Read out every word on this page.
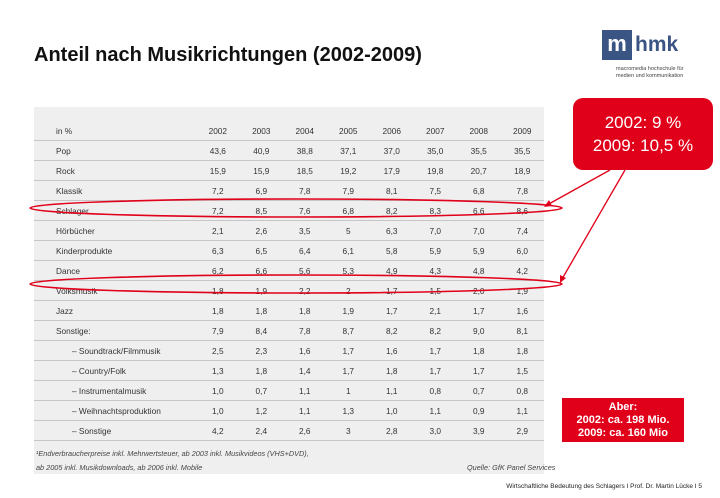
Anteil nach Musikrichtungen (2002-2009)	m hmk
macromedia hochschule für
medien und kommunikation
in %	2002	2003	2004	2005	2006	2007	2008	2009
Pop	43,6	40,9	38,8	37,1	37,0	35,0	35,5	35,5
Rock	15,9	15,9	18,5	19,2	17,9	19,8	20,7	18,9
Klassik	7,2	6,9	7,8	7,9	8,1	7,5	6,8	7,8
Schlager	7,2	8,5	7,6	6,8	8,2	8,3	6,6	8,6
Hörbücher	2,1	2,6	3,5	5	6,3	7,0	7,0	7,4
Kinderprodukte	6,3	6,5	6,4	6,1	5,8	5,9	5,9	6,0
Dance	6,2	6,6	5,6	5,3	4,9	4,3	4,8	4,2
Volksmusik	1,8	1,9	2,2	2	1,7	1,5	2,0	1,9
Jazz	1,8	1,8	1,8	1,9	1,7	2,1	1,7	1,6
Sonstige:	7,9	8,4	7,8	8,7	8,2	8,2	9,0	8,1
– Soundtrack/Filmmusik	2,5	2,3	1,6	1,7	1,6	1,7	1,8	1,8
– Country/Folk	1,3	1,8	1,4	1,7	1,8	1,7	1,7	1,5
– Instrumentalmusik	1,0	0,7	1,1	1	1,1	0,8	0,7	0,8
– Weihnachtsproduktion	1,0	1,2	1,1	1,3	1,0	1,1	0,9	1,1
– Sonstige	4,2	2,4	2,6	3	2,8	3,0	3,9	2,9
¹Endverbraucherpreise inkl. Mehrwertsteuer, ab 2003 inkl. Musikvideos (VHS+DVD),
ab 2005 inkl. Musikdownloads, ab 2006 inkl. Mobile	Quelle: GfK Panel Services
2002: 9 %
2009: 10,5 %
Aber:
2002: ca. 198 Mio.
2009: ca. 160 Mio
Wirtschaftliche Bedeutung des Schlagers I Prof. Dr. Martin Lücke I 5
